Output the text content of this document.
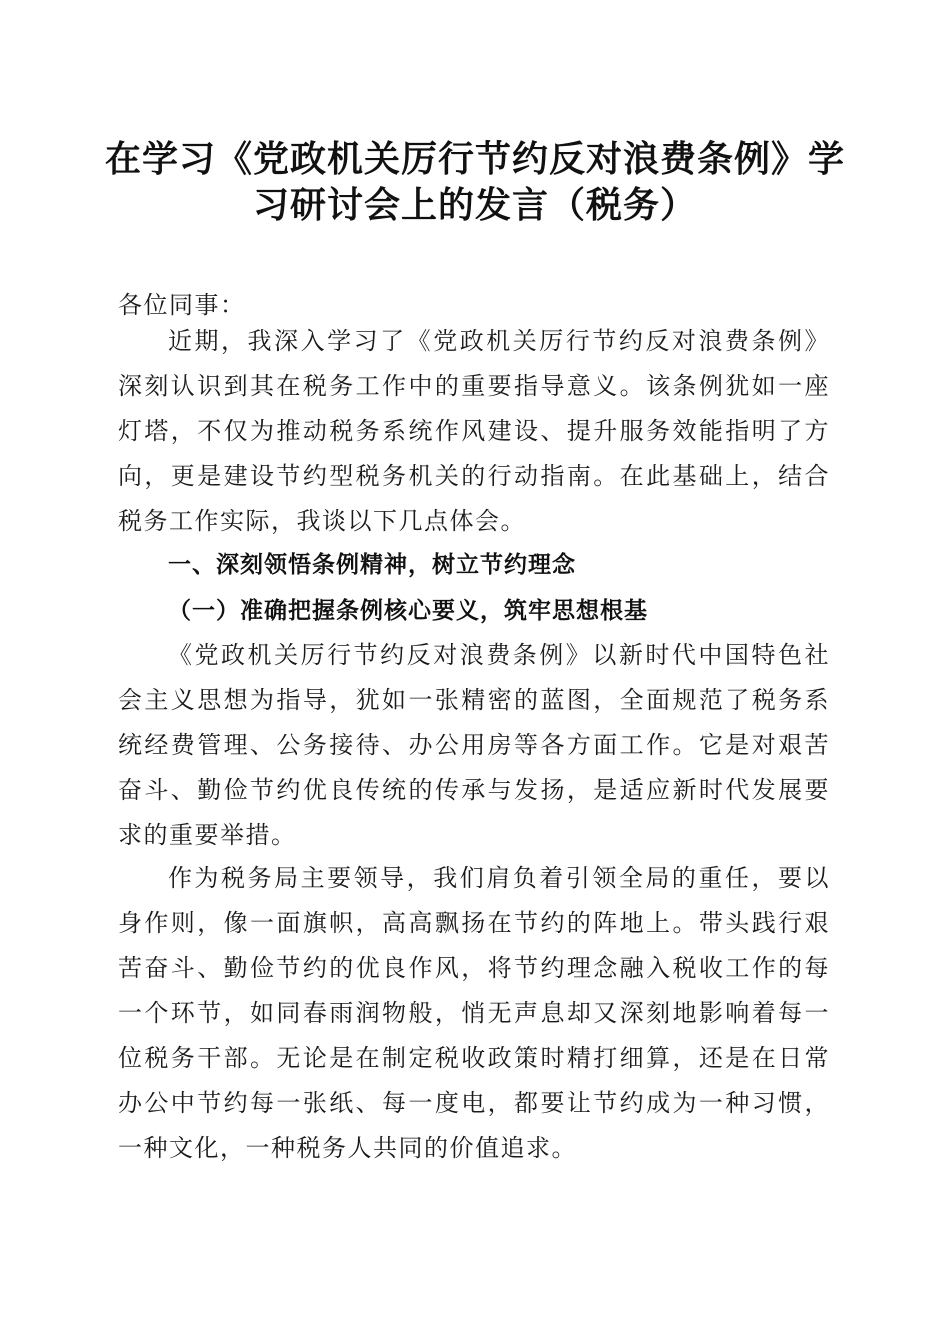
在学习《党政机关厉行节约反对浪费条例》学习研讨会上的发言（税务）

各位同事：

近期，我深入学习了《党政机关厉行节约反对浪费条例》深刻认识到其在税务工作中的重要指导意义。该条例犹如一座灯塔，不仅为推动税务系统作风建设、提升服务效能指明了方向，更是建设节约型税务机关的行动指南。在此基础上，结合税务工作实际，我谈以下几点体会。

一、深刻领悟条例精神，树立节约理念

（一）准确把握条例核心要义，筑牢思想根基

《党政机关厉行节约反对浪费条例》以新时代中国特色社会主义思想为指导，犹如一张精密的蓝图，全面规范了税务系统经费管理、公务接待、办公用房等各方面工作。它是对艰苦奋斗、勤俭节约优良传统的传承与发扬，是适应新时代发展要求的重要举措。

作为税务局主要领导，我们肩负着引领全局的重任，要以身作则，像一面旗帜，高高飘扬在节约的阵地上。带头践行艰苦奋斗、勤俭节约的优良作风，将节约理念融入税收工作的每一个环节，如同春雨润物般，悄无声息却又深刻地影响着每一位税务干部。无论是在制定税收政策时精打细算，还是在日常办公中节约每一张纸、每一度电，都要让节约成为一种习惯，一种文化，一种税务人共同的价值追求。
